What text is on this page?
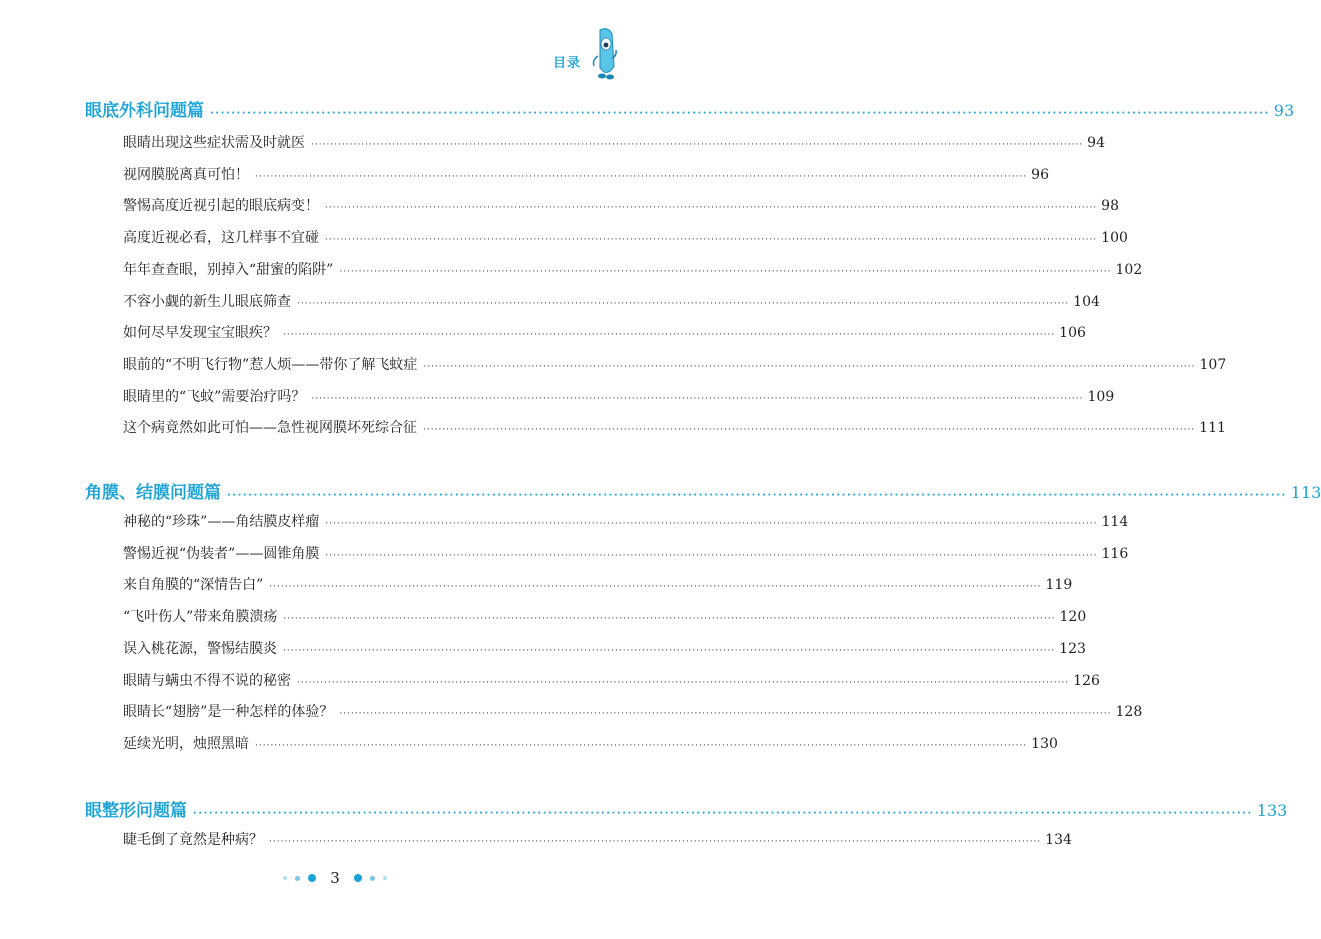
目录
眼底外科问题篇 ········································································································································································································ 93
眼睛出现这些症状需及时就医 ········································································································································································································ 94
视网膜脱离真可怕！ ········································································································································································································ 96
警惕高度近视引起的眼底病变！ ········································································································································································································ 98
高度近视必看，这几样事不宜碰 ········································································································································································································ 100
年年查查眼，别掉入“甜蜜的陷阱” ········································································································································································································ 102
不容小觑的新生儿眼底筛查 ········································································································································································································ 104
如何尽早发现宝宝眼疾？ ········································································································································································································ 106
眼前的“不明飞行物”惹人烦——带你了解飞蚊症 ········································································································································································································ 107
眼睛里的“飞蚊”需要治疗吗？ ········································································································································································································ 109
这个病竟然如此可怕——急性视网膜坏死综合征 ········································································································································································································ 111
角膜、结膜问题篇 ········································································································································································································ 113
神秘的“珍珠”——角结膜皮样瘤 ········································································································································································································ 114
警惕近视“伪装者”——圆锥角膜 ········································································································································································································ 116
来自角膜的“深情告白” ········································································································································································································ 119
“飞叶伤人”带来角膜溃疡 ········································································································································································································ 120
误入桃花源，警惕结膜炎 ········································································································································································································ 123
眼睛与螨虫不得不说的秘密 ········································································································································································································ 126
眼睛长“翅膀”是一种怎样的体验？ ········································································································································································································ 128
延续光明，烛照黑暗 ········································································································································································································ 130
眼整形问题篇 ········································································································································································································ 133
睫毛倒了竟然是种病？ ········································································································································································································ 134
3
